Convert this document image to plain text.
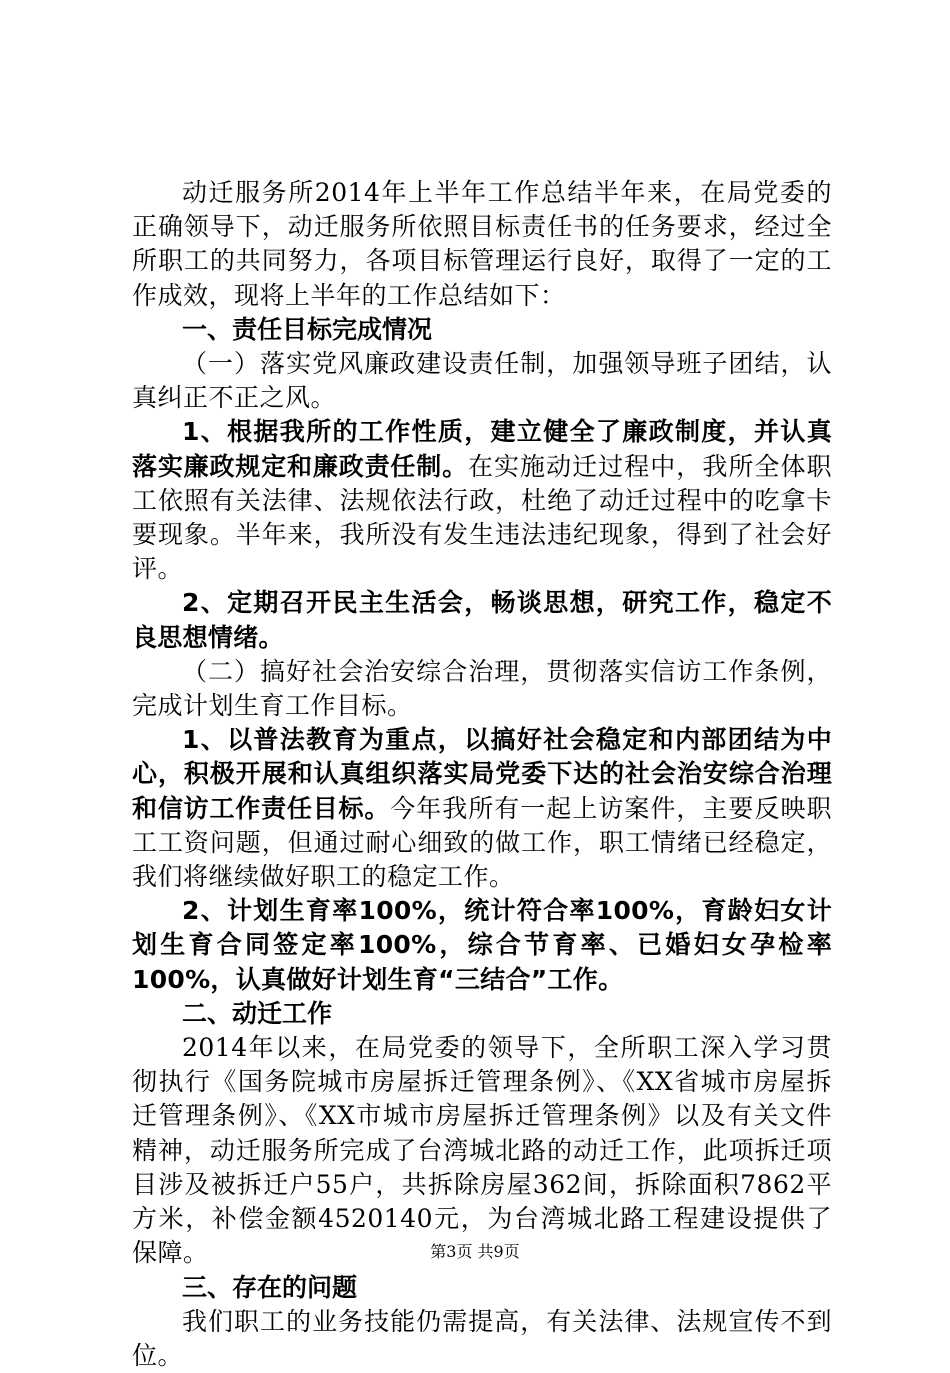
动迁服务所2014年上半年工作总结半年来，在局党委的正确领导下，动迁服务所依照目标责任书的任务要求，经过全所职工的共同努力，各项目标管理运行良好，取得了一定的工作成效，现将上半年的工作总结如下：

一、责任目标完成情况

（一）落实党风廉政建设责任制，加强领导班子团结，认真纠正不正之风。

1、根据我所的工作性质，建立健全了廉政制度，并认真落实廉政规定和廉政责任制。在实施动迁过程中，我所全体职工依照有关法律、法规依法行政，杜绝了动迁过程中的吃拿卡要现象。半年来，我所没有发生违法违纪现象，得到了社会好评。

2、定期召开民主生活会，畅谈思想，研究工作，稳定不良思想情绪。

（二）搞好社会治安综合治理，贯彻落实信访工作条例，完成计划生育工作目标。

1、以普法教育为重点，以搞好社会稳定和内部团结为中心，积极开展和认真组织落实局党委下达的社会治安综合治理和信访工作责任目标。今年我所有一起上访案件，主要反映职工工资问题，但通过耐心细致的做工作，职工情绪已经稳定，我们将继续做好职工的稳定工作。

2、计划生育率100%，统计符合率100%，育龄妇女计划生育合同签定率100%，综合节育率、已婚妇女孕检率100%，认真做好计划生育“三结合”工作。

二、动迁工作

2014年以来，在局党委的领导下，全所职工深入学习贯彻执行《国务院城市房屋拆迁管理条例》、《XX省城市房屋拆迁管理条例》、《XX市城市房屋拆迁管理条例》以及有关文件精神，动迁服务所完成了台湾城北路的动迁工作，此项拆迁项目涉及被拆迁户55户，共拆除房屋362间，拆除面积7862平方米，补偿金额4520140元，为台湾城北路工程建设提供了保障。

三、存在的问题

我们职工的业务技能仍需提高，有关法律、法规宣传不到位。

第3页 共9页
